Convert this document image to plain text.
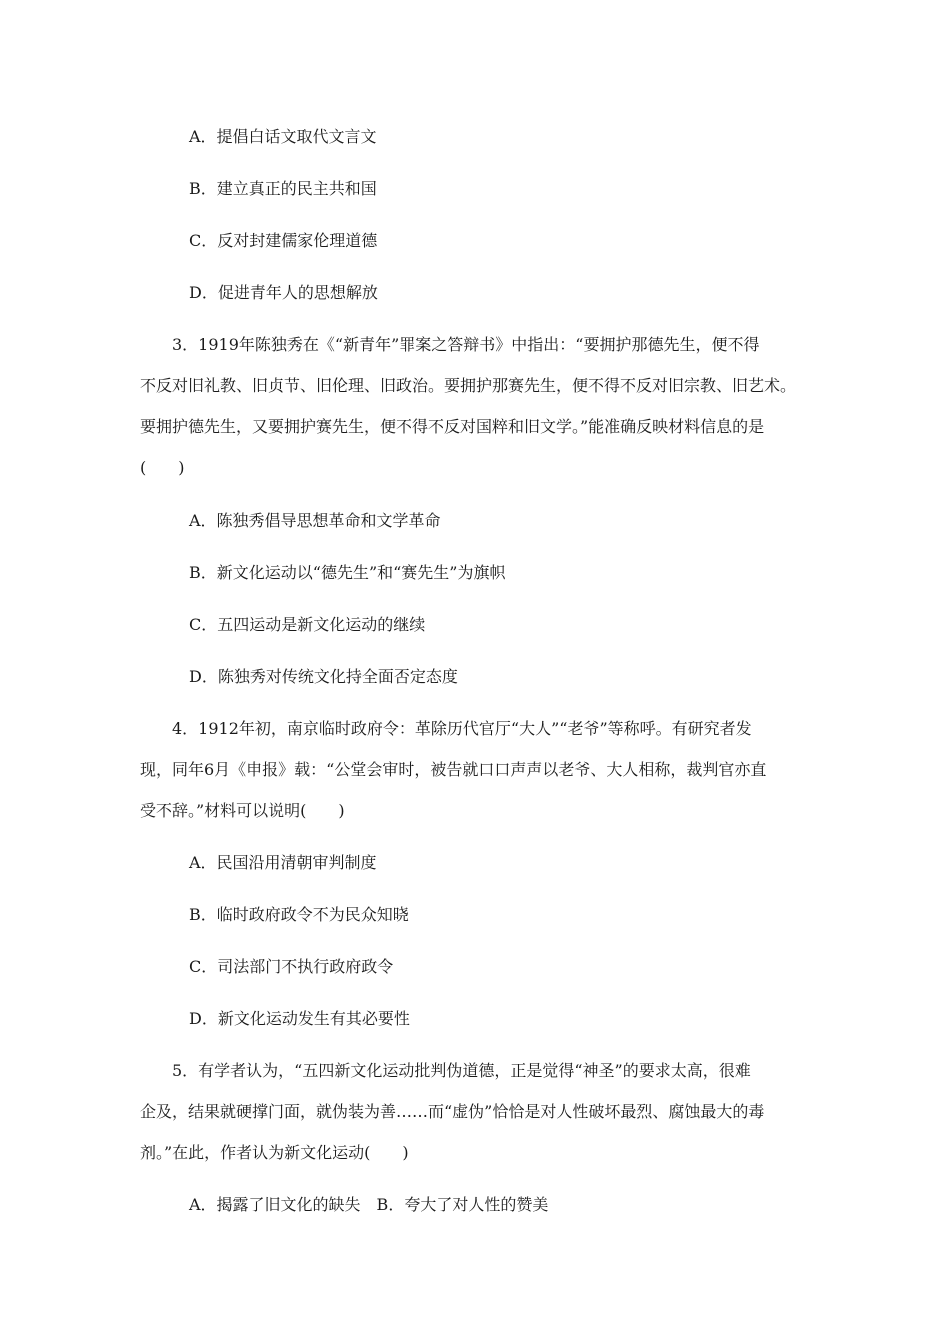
A．提倡白话文取代文言文

B．建立真正的民主共和国

C．反对封建儒家伦理道德

D．促进青年人的思想解放

3．1919年陈独秀在《“新青年”罪案之答辩书》中指出：“要拥护那德先生，便不得

不反对旧礼教、旧贞节、旧伦理、旧政治。要拥护那赛先生，便不得不反对旧宗教、旧艺术。

要拥护德先生，又要拥护赛先生，便不得不反对国粹和旧文学。”能准确反映材料信息的是

(　　)

A．陈独秀倡导思想革命和文学革命

B．新文化运动以“德先生”和“赛先生”为旗帜

C．五四运动是新文化运动的继续

D．陈独秀对传统文化持全面否定态度

4．1912年初，南京临时政府令：革除历代官厅“大人”“老爷”等称呼。有研究者发

现，同年6月《申报》载：“公堂会审时，被告就口口声声以老爷、大人相称，裁判官亦直

受不辞。”材料可以说明(　　)

A．民国沿用清朝审判制度

B．临时政府政令不为民众知晓

C．司法部门不执行政府政令

D．新文化运动发生有其必要性

5．有学者认为，“五四新文化运动批判伪道德，正是觉得“神圣”的要求太高，很难

企及，结果就硬撑门面，就伪装为善……而“虚伪”恰恰是对人性破坏最烈、腐蚀最大的毒

剂。”在此，作者认为新文化运动(　　)

A．揭露了旧文化的缺失　B．夸大了对人性的赞美
